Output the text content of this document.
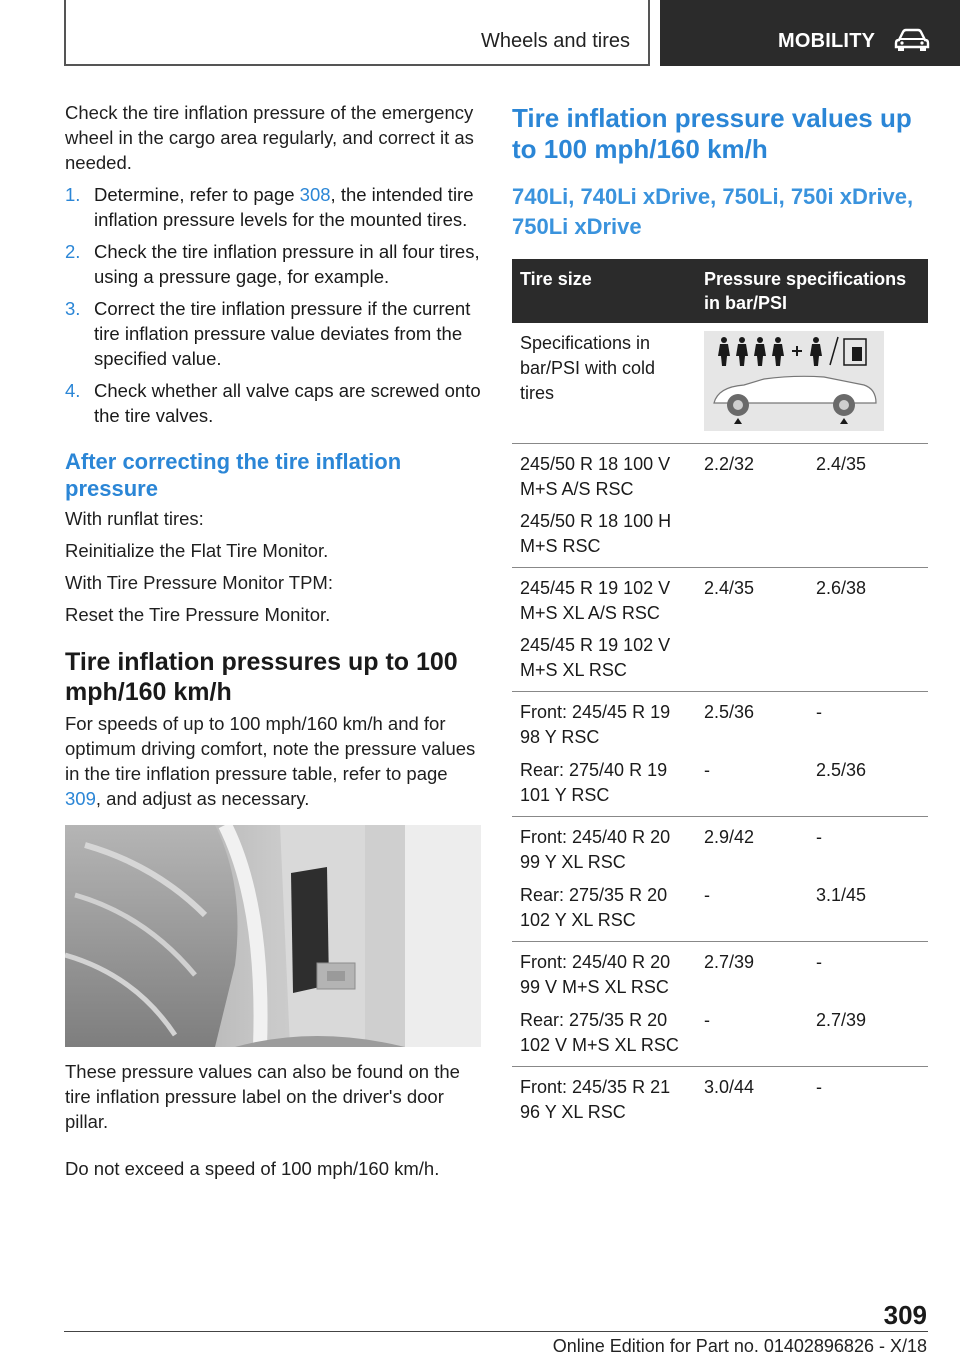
Wheels and tires	MOBILITY

Check the tire inflation pressure of the emergency wheel in the cargo area regularly, and correct it as needed.

1. Determine, refer to page 308, the intended tire inflation pressure levels for the mounted tires.
2. Check the tire inflation pressure in all four tires, using a pressure gage, for example.
3. Correct the tire inflation pressure if the current tire inflation pressure value deviates from the specified value.
4. Check whether all valve caps are screwed onto the tire valves.
After correcting the tire inflation pressure

With runflat tires:

Reinitialize the Flat Tire Monitor.

With Tire Pressure Monitor TPM:

Reset the Tire Pressure Monitor.

Tire inflation pressures up to 100 mph/160 km/h

For speeds of up to 100 mph/160 km/h and for optimum driving comfort, note the pressure values in the tire inflation pressure table, refer to page 309, and adjust as necessary.

These pressure values can also be found on the tire inflation pressure label on the driver's door pillar.

Do not exceed a speed of 100 mph/160 km/h.

Tire inflation pressure values up to 100 mph/160 km/h
740Li, 740Li xDrive, 750Li, 750i xDrive, 750Li xDrive
Tire size	Pressure specifications in bar/PSI
Specifications in bar/PSI with cold tires
245/50 R 18 100 V M+S A/S RSC
245/50 R 18 100 H M+S RSC
2.2/32	2.4/35
245/45 R 19 102 V M+S XL A/S RSC
245/45 R 19 102 V M+S XL RSC
2.4/35	2.6/38
Front: 245/45 R 19 98 Y RSC
2.5/36	-
Rear: 275/40 R 19 101 Y RSC
-	2.5/36
Front: 245/40 R 20 99 Y XL RSC
2.9/42	-
Rear: 275/35 R 20 102 Y XL RSC
-	3.1/45
Front: 245/40 R 20 99 V M+S XL RSC
2.7/39	-
Rear: 275/35 R 20 102 V M+S XL RSC
-	2.7/39
Front: 245/35 R 21 96 Y XL RSC
3.0/44	-
309
Online Edition for Part no. 01402896826 - X/18
